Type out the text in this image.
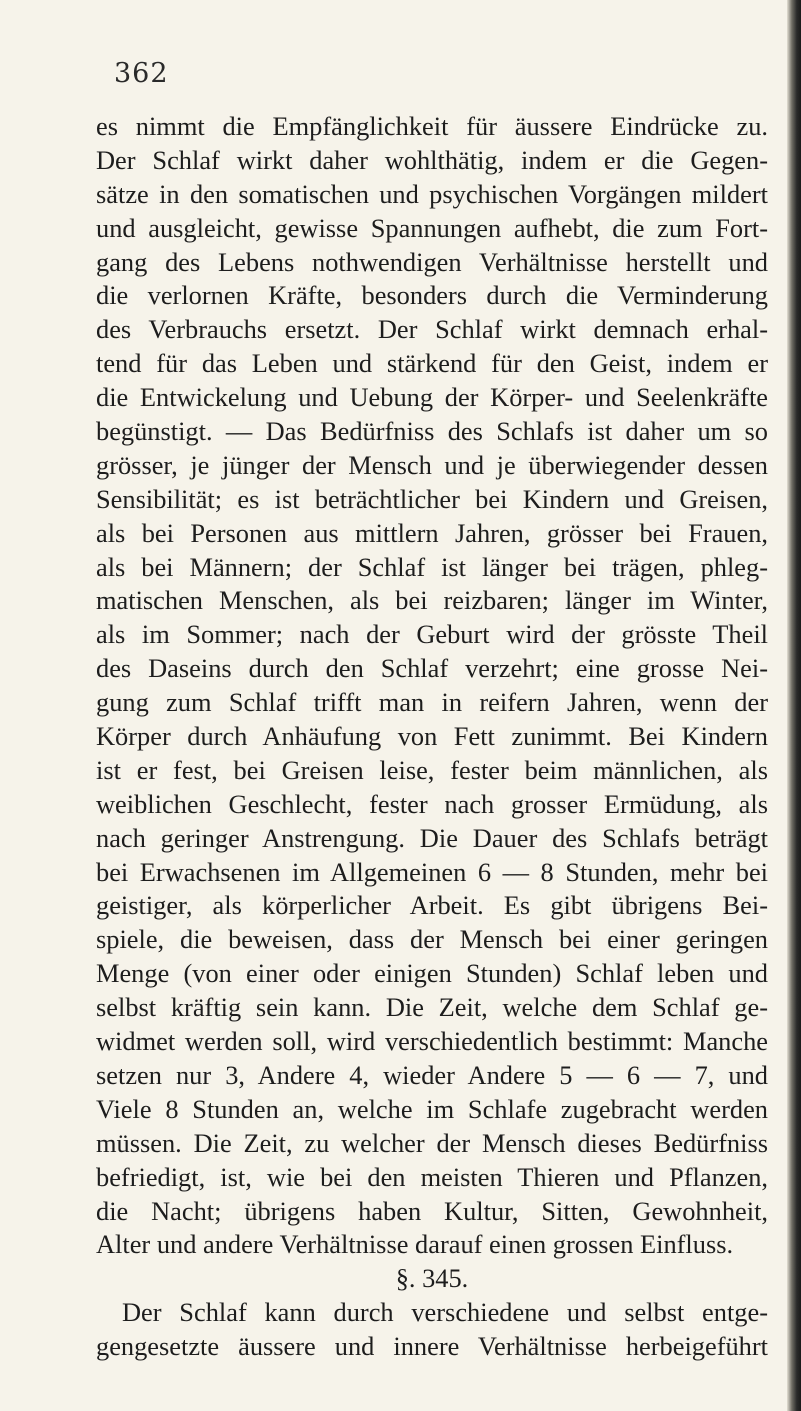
362
es nimmt die Empfänglichkeit für äussere Eindrücke zu.
Der Schlaf wirkt daher wohlthätig, indem er die Gegen-
sätze in den somatischen und psychischen Vorgängen mildert
und ausgleicht, gewisse Spannungen aufhebt, die zum Fort-
gang des Lebens nothwendigen Verhältnisse herstellt und
die verlornen Kräfte, besonders durch die Verminderung
des Verbrauchs ersetzt. Der Schlaf wirkt demnach erhal-
tend für das Leben und stärkend für den Geist, indem er
die Entwickelung und Uebung der Körper- und Seelenkräfte
begünstigt. — Das Bedürfniss des Schlafs ist daher um so
grösser, je jünger der Mensch und je überwiegender dessen
Sensibilität; es ist beträchtlicher bei Kindern und Greisen,
als bei Personen aus mittlern Jahren, grösser bei Frauen,
als bei Männern; der Schlaf ist länger bei trägen, phleg-
matischen Menschen, als bei reizbaren; länger im Winter,
als im Sommer; nach der Geburt wird der grösste Theil
des Daseins durch den Schlaf verzehrt; eine grosse Nei-
gung zum Schlaf trifft man in reifern Jahren, wenn der
Körper durch Anhäufung von Fett zunimmt. Bei Kindern
ist er fest, bei Greisen leise, fester beim männlichen, als
weiblichen Geschlecht, fester nach grosser Ermüdung, als
nach geringer Anstrengung. Die Dauer des Schlafs beträgt
bei Erwachsenen im Allgemeinen 6 — 8 Stunden, mehr bei
geistiger, als körperlicher Arbeit. Es gibt übrigens Bei-
spiele, die beweisen, dass der Mensch bei einer geringen
Menge (von einer oder einigen Stunden) Schlaf leben und
selbst kräftig sein kann. Die Zeit, welche dem Schlaf ge-
widmet werden soll, wird verschiedentlich bestimmt: Manche
setzen nur 3, Andere 4, wieder Andere 5 — 6 — 7, und
Viele 8 Stunden an, welche im Schlafe zugebracht werden
müssen. Die Zeit, zu welcher der Mensch dieses Bedürfniss
befriedigt, ist, wie bei den meisten Thieren und Pflanzen,
die Nacht; übrigens haben Kultur, Sitten, Gewohnheit,
Alter und andere Verhältnisse darauf einen grossen Einfluss.
§. 345.
Der Schlaf kann durch verschiedene und selbst entge-
gengesetzte äussere und innere Verhältnisse herbeigeführt
